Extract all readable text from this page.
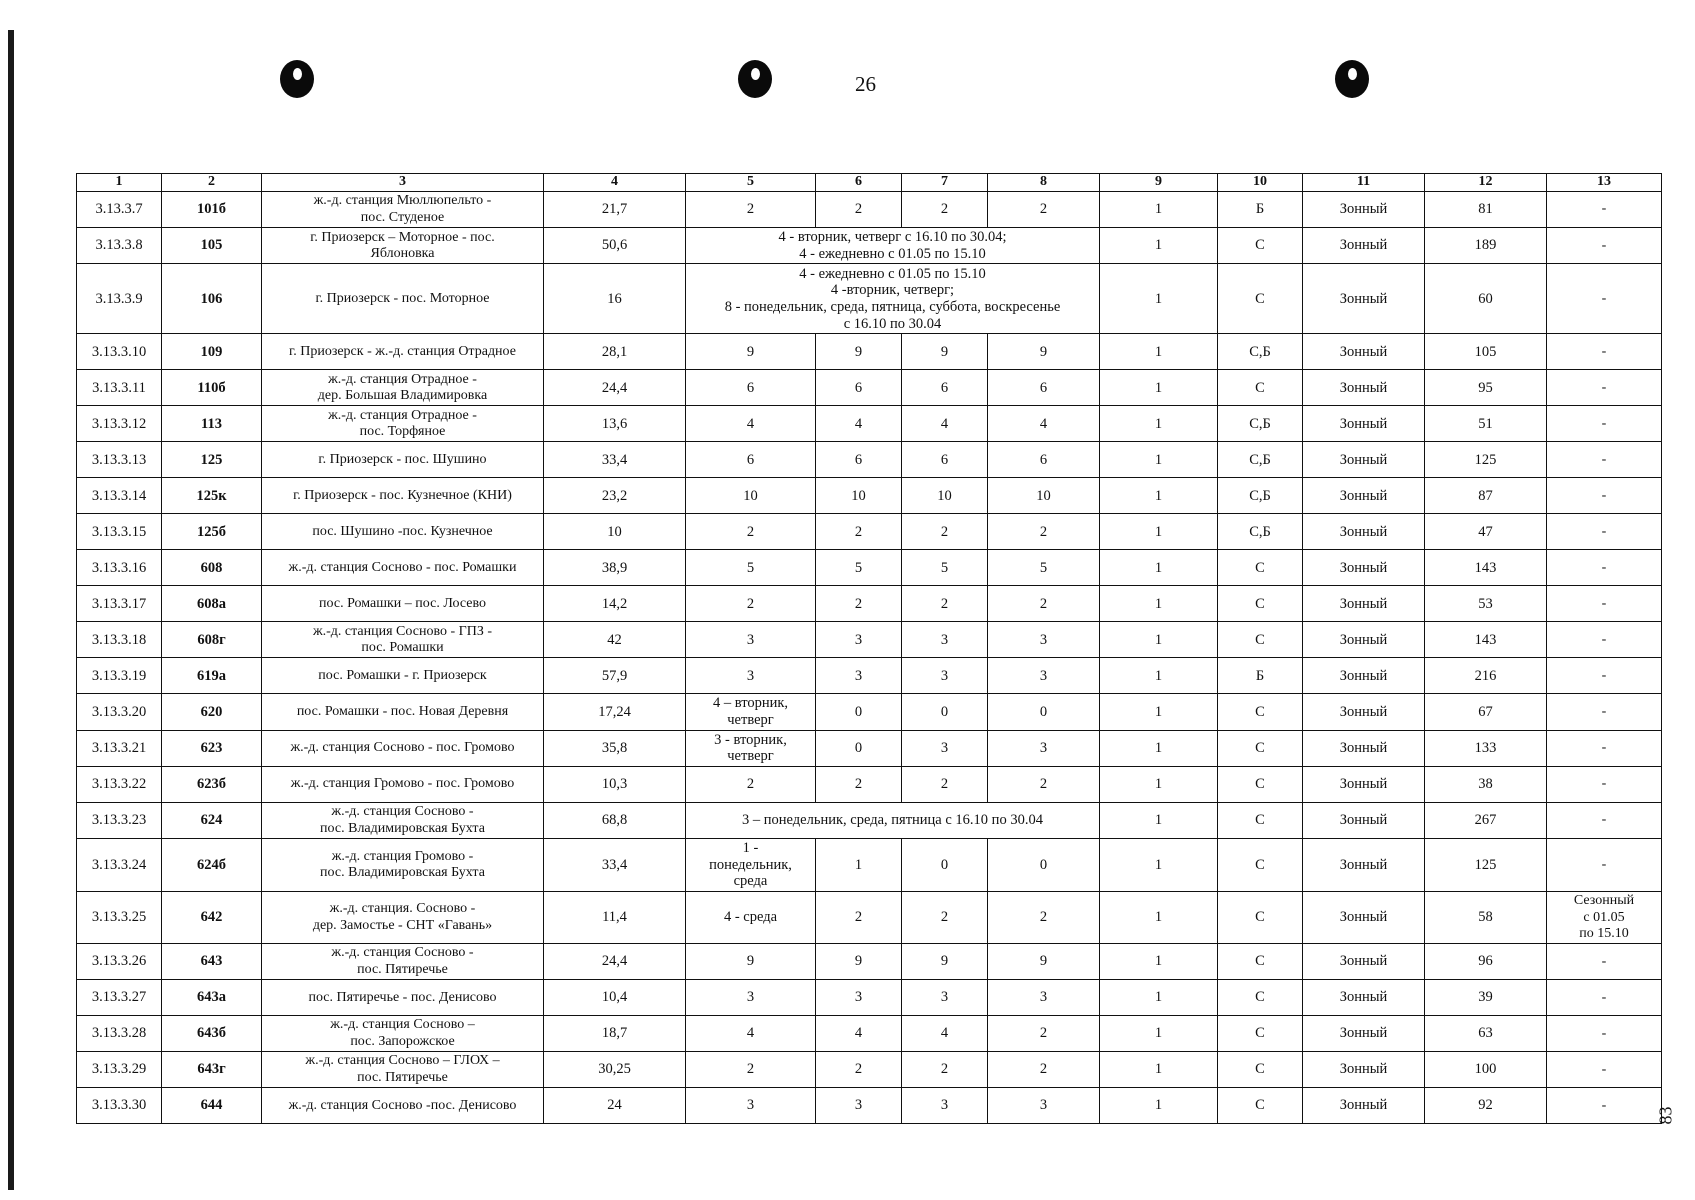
26
83
1	2	3	4	5	6	7	8	9	10	11	12	13
3.13.3.7	101б	ж.-д. станция Мюллюпельто -
пос. Студеное	21,7	2	2	2	2	1	Б	Зонный	81	-
3.13.3.8	105	г. Приозерск – Моторное - пос.
Яблоновка	50,6	4 - вторник, четверг с 16.10 по 30.04;
4 - ежедневно с 01.05 по 15.10				1	С	Зонный	189	-
3.13.3.9	106	г. Приозерск - пос. Моторное	16	4 - ежедневно с 01.05 по 15.10
4 -вторник, четверг;
8 - понедельник, среда, пятница, суббота, воскресенье
с 16.10 по 30.04				1	С	Зонный	60	-
3.13.3.10	109	г. Приозерск - ж.-д. станция Отрадное	28,1	9	9	9	9	1	С,Б	Зонный	105	-
3.13.3.11	110б	ж.-д. станция Отрадное -
дер. Большая Владимировка	24,4	6	6	6	6	1	С	Зонный	95	-
3.13.3.12	113	ж.-д. станция Отрадное -
пос. Торфяное	13,6	4	4	4	4	1	С,Б	Зонный	51	-
3.13.3.13	125	г. Приозерск - пос. Шушино	33,4	6	6	6	6	1	С,Б	Зонный	125	-
3.13.3.14	125к	г. Приозерск - пос. Кузнечное (КНИ)	23,2	10	10	10	10	1	С,Б	Зонный	87	-
3.13.3.15	125б	пос. Шушино -пос. Кузнечное	10	2	2	2	2	1	С,Б	Зонный	47	-
3.13.3.16	608	ж.-д. станция Сосново - пос. Ромашки	38,9	5	5	5	5	1	С	Зонный	143	-
3.13.3.17	608а	пос. Ромашки – пос. Лосево	14,2	2	2	2	2	1	С	Зонный	53	-
3.13.3.18	608г	ж.-д. станция Сосново - ГПЗ -
пос. Ромашки	42	3	3	3	3	1	С	Зонный	143	-
3.13.3.19	619а	пос. Ромашки - г. Приозерск	57,9	3	3	3	3	1	Б	Зонный	216	-
3.13.3.20	620	пос. Ромашки - пос. Новая Деревня	17,24	4 – вторник,
четверг	0	0	0	1	С	Зонный	67	-
3.13.3.21	623	ж.-д. станция Сосново - пос. Громово	35,8	3 - вторник,
четверг	0	3	3	1	С	Зонный	133	-
3.13.3.22	623б	ж.-д. станция Громово - пос. Громово	10,3	2	2	2	2	1	С	Зонный	38	-
3.13.3.23	624	ж.-д. станция Сосново -
пос. Владимировская Бухта	68,8	3 – понедельник, среда, пятница с 16.10 по 30.04				1	С	Зонный	267	-
3.13.3.24	624б	ж.-д. станция Громово -
пос. Владимировская Бухта	33,4	1 -
понедельник,
среда	1	0	0	1	С	Зонный	125	-
3.13.3.25	642	ж.-д. станция. Сосново -
дер. Замостье - СНТ «Гавань»	11,4	4 - среда	2	2	2	1	С	Зонный	58	Сезонный
с 01.05
по 15.10
3.13.3.26	643	ж.-д. станция Сосново -
пос. Пятиречье	24,4	9	9	9	9	1	С	Зонный	96	-
3.13.3.27	643а	пос. Пятиречье - пос. Денисово	10,4	3	3	3	3	1	С	Зонный	39	-
3.13.3.28	643б	ж.-д. станция Сосново –
пос. Запорожское	18,7	4	4	4	2	1	С	Зонный	63	-
3.13.3.29	643г	ж.-д. станция Сосново – ГЛОХ –
пос. Пятиречье	30,25	2	2	2	2	1	С	Зонный	100	-
3.13.3.30	644	ж.-д. станция Сосново -пос. Денисово	24	3	3	3	3	1	С	Зонный	92	-
